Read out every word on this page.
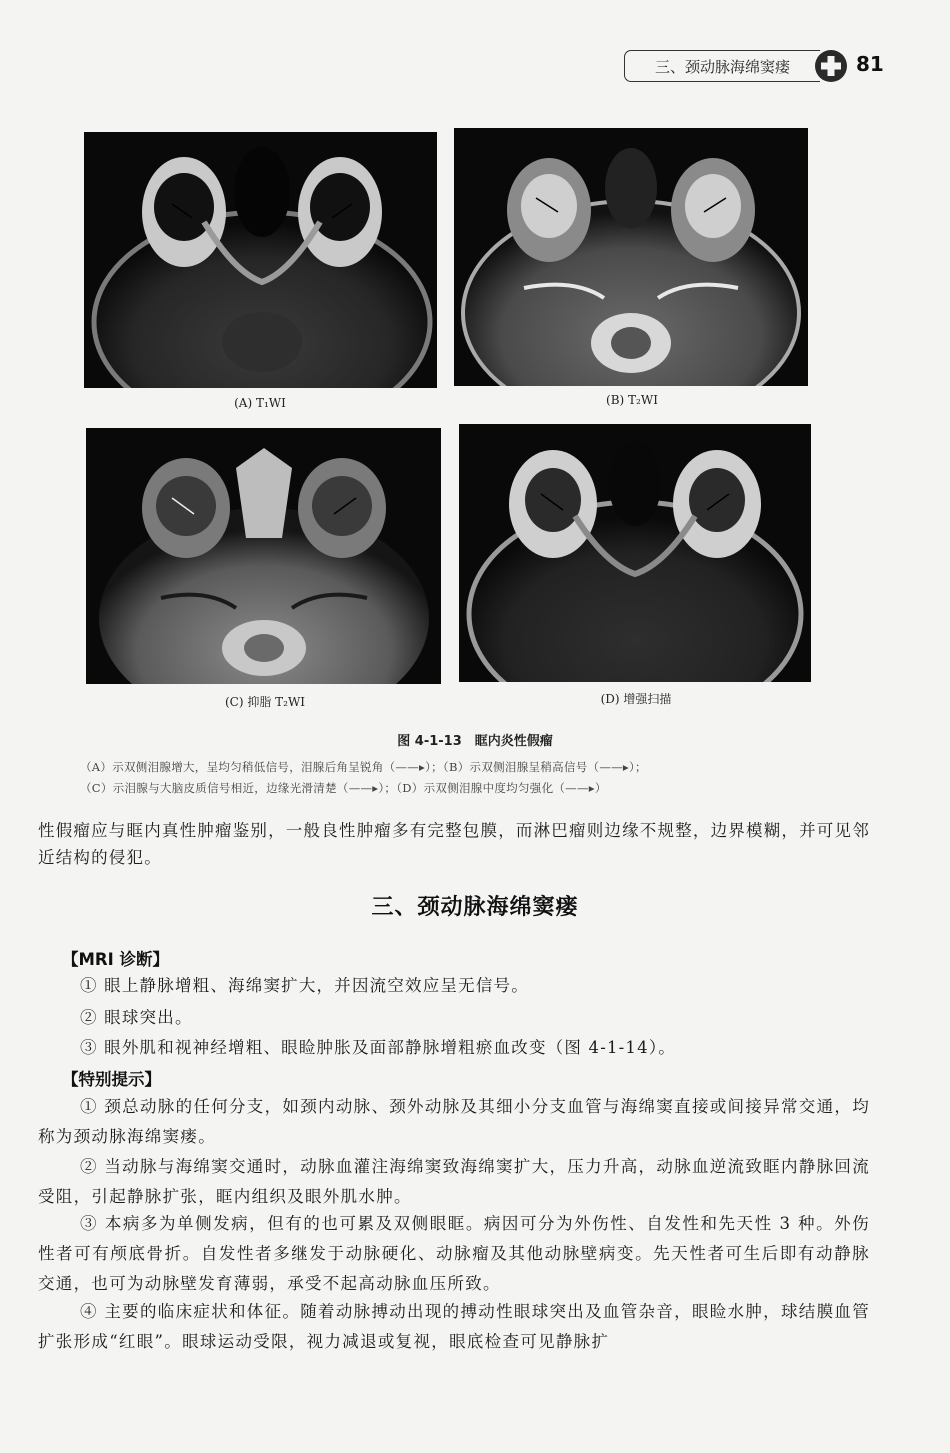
三、颈动脉海绵窦瘘	81
(A) T₁WI	(B) T₂WI
(C) 抑脂 T₂WI	(D) 增强扫描
图 4-1-13　眶内炎性假瘤
（A）示双侧泪腺增大，呈均匀稍低信号，泪腺后角呈锐角（——▸）；（B）示双侧泪腺呈稍高信号（——▸）；
（C）示泪腺与大脑皮质信号相近，边缘光滑清楚（——▸）；（D）示双侧泪腺中度均匀强化（——▸）
性假瘤应与眶内真性肿瘤鉴别，一般良性肿瘤多有完整包膜，而淋巴瘤则边缘不规整，边界模糊，并可见邻近结构的侵犯。
三、颈动脉海绵窦瘘
【MRI 诊断】
① 眼上静脉增粗、海绵窦扩大，并因流空效应呈无信号。
② 眼球突出。
③ 眼外肌和视神经增粗、眼睑肿胀及面部静脉增粗瘀血改变（图 4-1-14）。
【特别提示】
① 颈总动脉的任何分支，如颈内动脉、颈外动脉及其细小分支血管与海绵窦直接或间接异常交通，均称为颈动脉海绵窦瘘。
② 当动脉与海绵窦交通时，动脉血灌注海绵窦致海绵窦扩大，压力升高，动脉血逆流致眶内静脉回流受阻，引起静脉扩张，眶内组织及眼外肌水肿。
③ 本病多为单侧发病，但有的也可累及双侧眼眶。病因可分为外伤性、自发性和先天性 3 种。外伤性者可有颅底骨折。自发性者多继发于动脉硬化、动脉瘤及其他动脉壁病变。先天性者可生后即有动静脉交通，也可为动脉壁发育薄弱，承受不起高动脉血压所致。
④ 主要的临床症状和体征。随着动脉搏动出现的搏动性眼球突出及血管杂音，眼睑水肿，球结膜血管扩张形成“红眼”。眼球运动受限，视力减退或复视，眼底检查可见静脉扩
